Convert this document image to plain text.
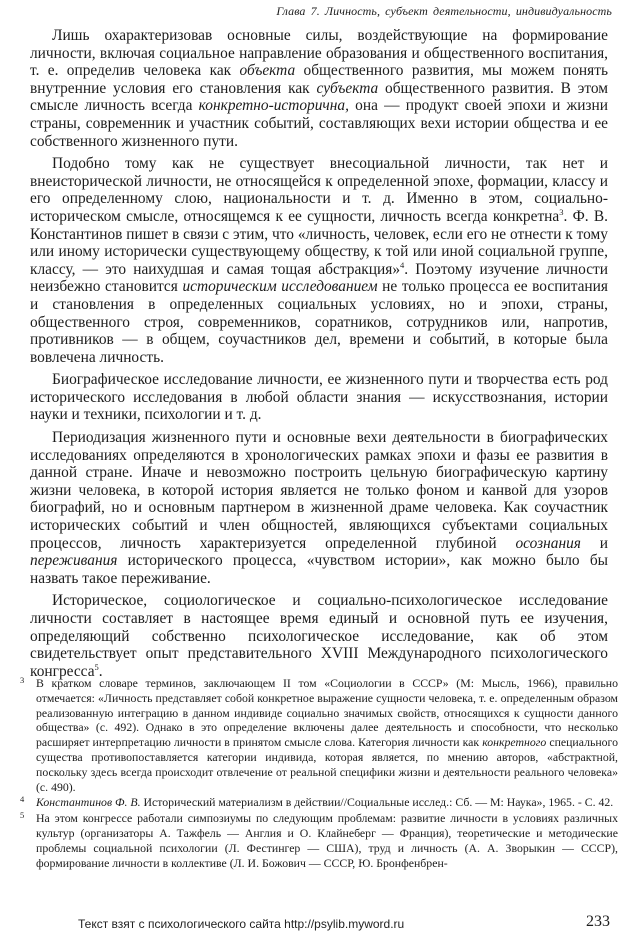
Глава 7. Личность, субъект деятельности, индивидуальность

Лишь охарактеризовав основные силы, воздействующие на формирование личности, включая социальное направление образования и общественного воспитания, т. е. определив человека как объекта общественного развития, мы можем понять внутренние условия его становления как субъекта общественного развития. В этом смысле личность всегда конкретно-исторична, она — продукт своей эпохи и жизни страны, современник и участник событий, составляющих вехи истории общества и ее собственного жизненного пути.

Подобно тому как не существует внесоциальной личности, так нет и внеисторической личности, не относящейся к определенной эпохе, формации, классу и его определенному слою, национальности и т. д. Именно в этом, социально-историческом смысле, относящемся к ее сущности, личность всегда конкретна$^3$. Ф. В. Константинов пишет в связи с этим, что «личность, человек, если его не отнести к тому или иному исторически существующему обществу, к той или иной социальной группе, классу, — это наихудшая и самая тощая абстракция»$^4$. Поэтому изучение личности неизбежно становится историческим исследованием не только процесса ее воспитания и становления в определенных социальных условиях, но и эпохи, страны, общественного строя, современников, соратников, сотрудников или, напротив, противников — в общем, соучастников дел, времени и событий, в которые была вовлечена личность.

Биографическое исследование личности, ее жизненного пути и творчества есть род исторического исследования в любой области знания — искусствознания, истории науки и техники, психологии и т. д.

Периодизация жизненного пути и основные вехи деятельности в биографических исследованиях определяются в хронологических рамках эпохи и фазы ее развития в данной стране. Иначе и невозможно построить цельную биографическую картину жизни человека, в которой история является не только фоном и канвой для узоров биографий, но и основным партнером в жизненной драме человека. Как соучастник исторических событий и член общностей, являющихся субъектами социальных процессов, личность характеризуется определенной глубиной осознания и переживания исторического процесса, «чувством истории», как можно было бы назвать такое переживание.

Историческое, социологическое и социально-психологическое исследование личности составляет в настоящее время единый и основной путь ее изучения, определяющий собственно психологическое исследование, как об этом свидетельствует опыт представительного XVIII Международного психологического конгресса$^5$.

3 В кратком словаре терминов, заключающем II том «Социологии в СССР» (М: Мысль, 1966), правильно отмечается: «Личность представляет собой конкретное выражение сущности человека, т. е. определенным образом реализованную интеграцию в данном индивиде социально значимых свойств, относящихся к сущности данного общества» (с. 492). Однако в это определение включены далее деятельность и способности, что несколько расширяет интерпретацию личности в принятом смысле слова. Категория личности как конкретного специального существа противопоставляется категории индивида, которая является, по мнению авторов, «абстрактной, поскольку здесь всегда происходит отвлечение от реальной специфики жизни и деятельности реального человека» (с. 490).
4 Константинов Ф. В. Исторический материализм в действии//Социальные исслед.: Сб. — М: Наука», 1965. - С. 42.
5 На этом конгрессе работали симпозиумы по следующим проблемам: развитие личности в условиях различных культур (организаторы А. Тажфель — Англия и О. Клайнеберг — Франция), теоретические и методические проблемы социальной психологии (Л. Фестингер — США), труд и личность (А. А. Зворыкин — СССР), формирование личности в коллективе (Л. И. Божович — СССР, Ю. Бронфенбрен-
Текст взят с психологического сайта http://psylib.myword.ru	233
